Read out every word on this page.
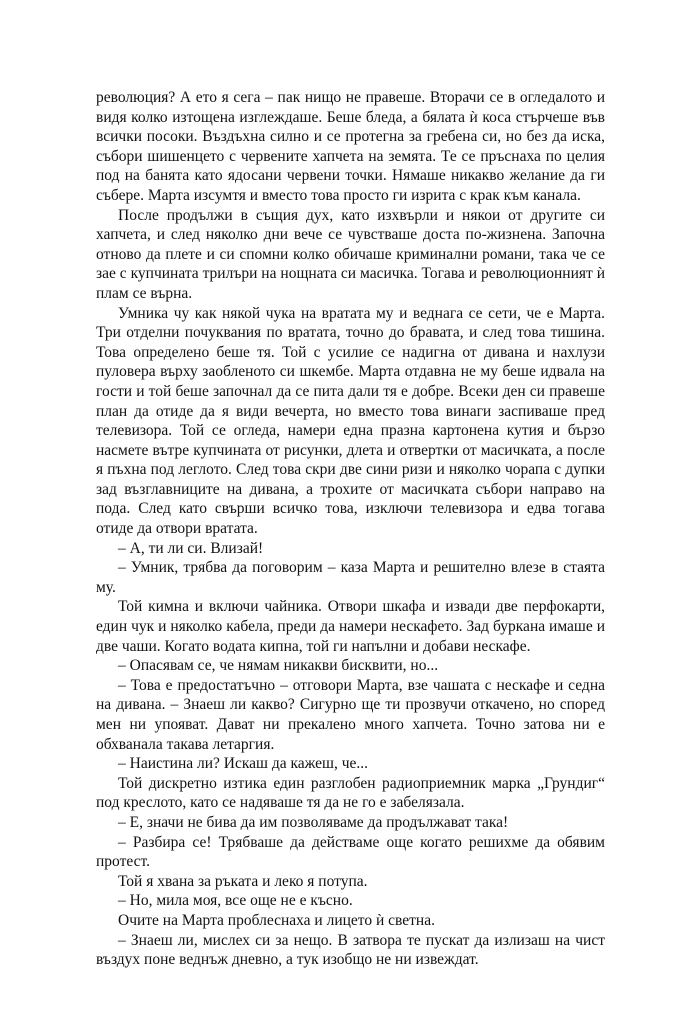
революция? А ето я сега – пак нищо не правеше. Вторачи се в огледалото и видя колко изтощена изглеждаше. Беше бледа, а бялата ѝ коса стърчеше във всички посоки. Въздъхна силно и се протегна за гребена си, но без да иска, събори шишенцето с червените хапчета на земята. Те се пръснаха по целия под на банята като ядосани червени точки. Нямаше никакво желание да ги събере. Марта изсумтя и вместо това просто ги изрита с крак към канала.

После продължи в същия дух, като изхвърли и някои от другите си хапчета, и след няколко дни вече се чувстваше доста по-жизнена. Започна отново да плете и си спомни колко обичаше криминални романи, така че се зае с купчината трилъри на нощната си масичка. Тогава и революционният ѝ плам се върна.

Умника чу как някой чука на вратата му и веднага се сети, че е Марта. Три отделни почуквания по вратата, точно до бравата, и след това тишина. Това определено беше тя. Той с усилие се надигна от дивана и нахлузи пуловера върху заобленото си шкембе. Марта отдавна не му беше идвала на гости и той беше започнал да се пита дали тя е добре. Всеки ден си правеше план да отиде да я види вечерта, но вместо това винаги заспиваше пред телевизора. Той се огледа, намери една празна картонена кутия и бързо насмете вътре купчината от рисунки, длета и отвертки от масичката, а после я пъхна под леглото. След това скри две сини ризи и няколко чорапа с дупки зад възглавниците на дивана, а трохите от масичката събори направо на пода. След като свърши всичко това, изключи телевизора и едва тогава отиде да отвори вратата.

– А, ти ли си. Влизай!

– Умник, трябва да поговорим – каза Марта и решително влезе в стаята му.

Той кимна и включи чайника. Отвори шкафа и извади две перфокарти, един чук и няколко кабела, преди да намери нескафето. Зад буркана имаше и две чаши. Когато водата кипна, той ги напълни и добави нескафе.

– Опасявам се, че нямам никакви бисквити, но...

– Това е предостатъчно – отговори Марта, взе чашата с нескафе и седна на дивана. – Знаеш ли какво? Сигурно ще ти прозвучи откачено, но според мен ни упояват. Дават ни прекалено много хапчета. Точно затова ни е обхванала такава летаргия.

– Наистина ли? Искаш да кажеш, че...

Той дискретно изтика един разглобен радиоприемник марка „Грундиг“ под креслото, като се надяваше тя да не го е забелязала.

– Е, значи не бива да им позволяваме да продължават така!

– Разбира се! Трябваше да действаме още когато решихме да обявим протест.

Той я хвана за ръката и леко я потупа.

– Но, мила моя, все още не е късно.

Очите на Марта проблеснаха и лицето ѝ светна.

– Знаеш ли, мислех си за нещо. В затвора те пускат да излизаш на чист въздух поне веднъж дневно, а тук изобщо не ни извеждат.
